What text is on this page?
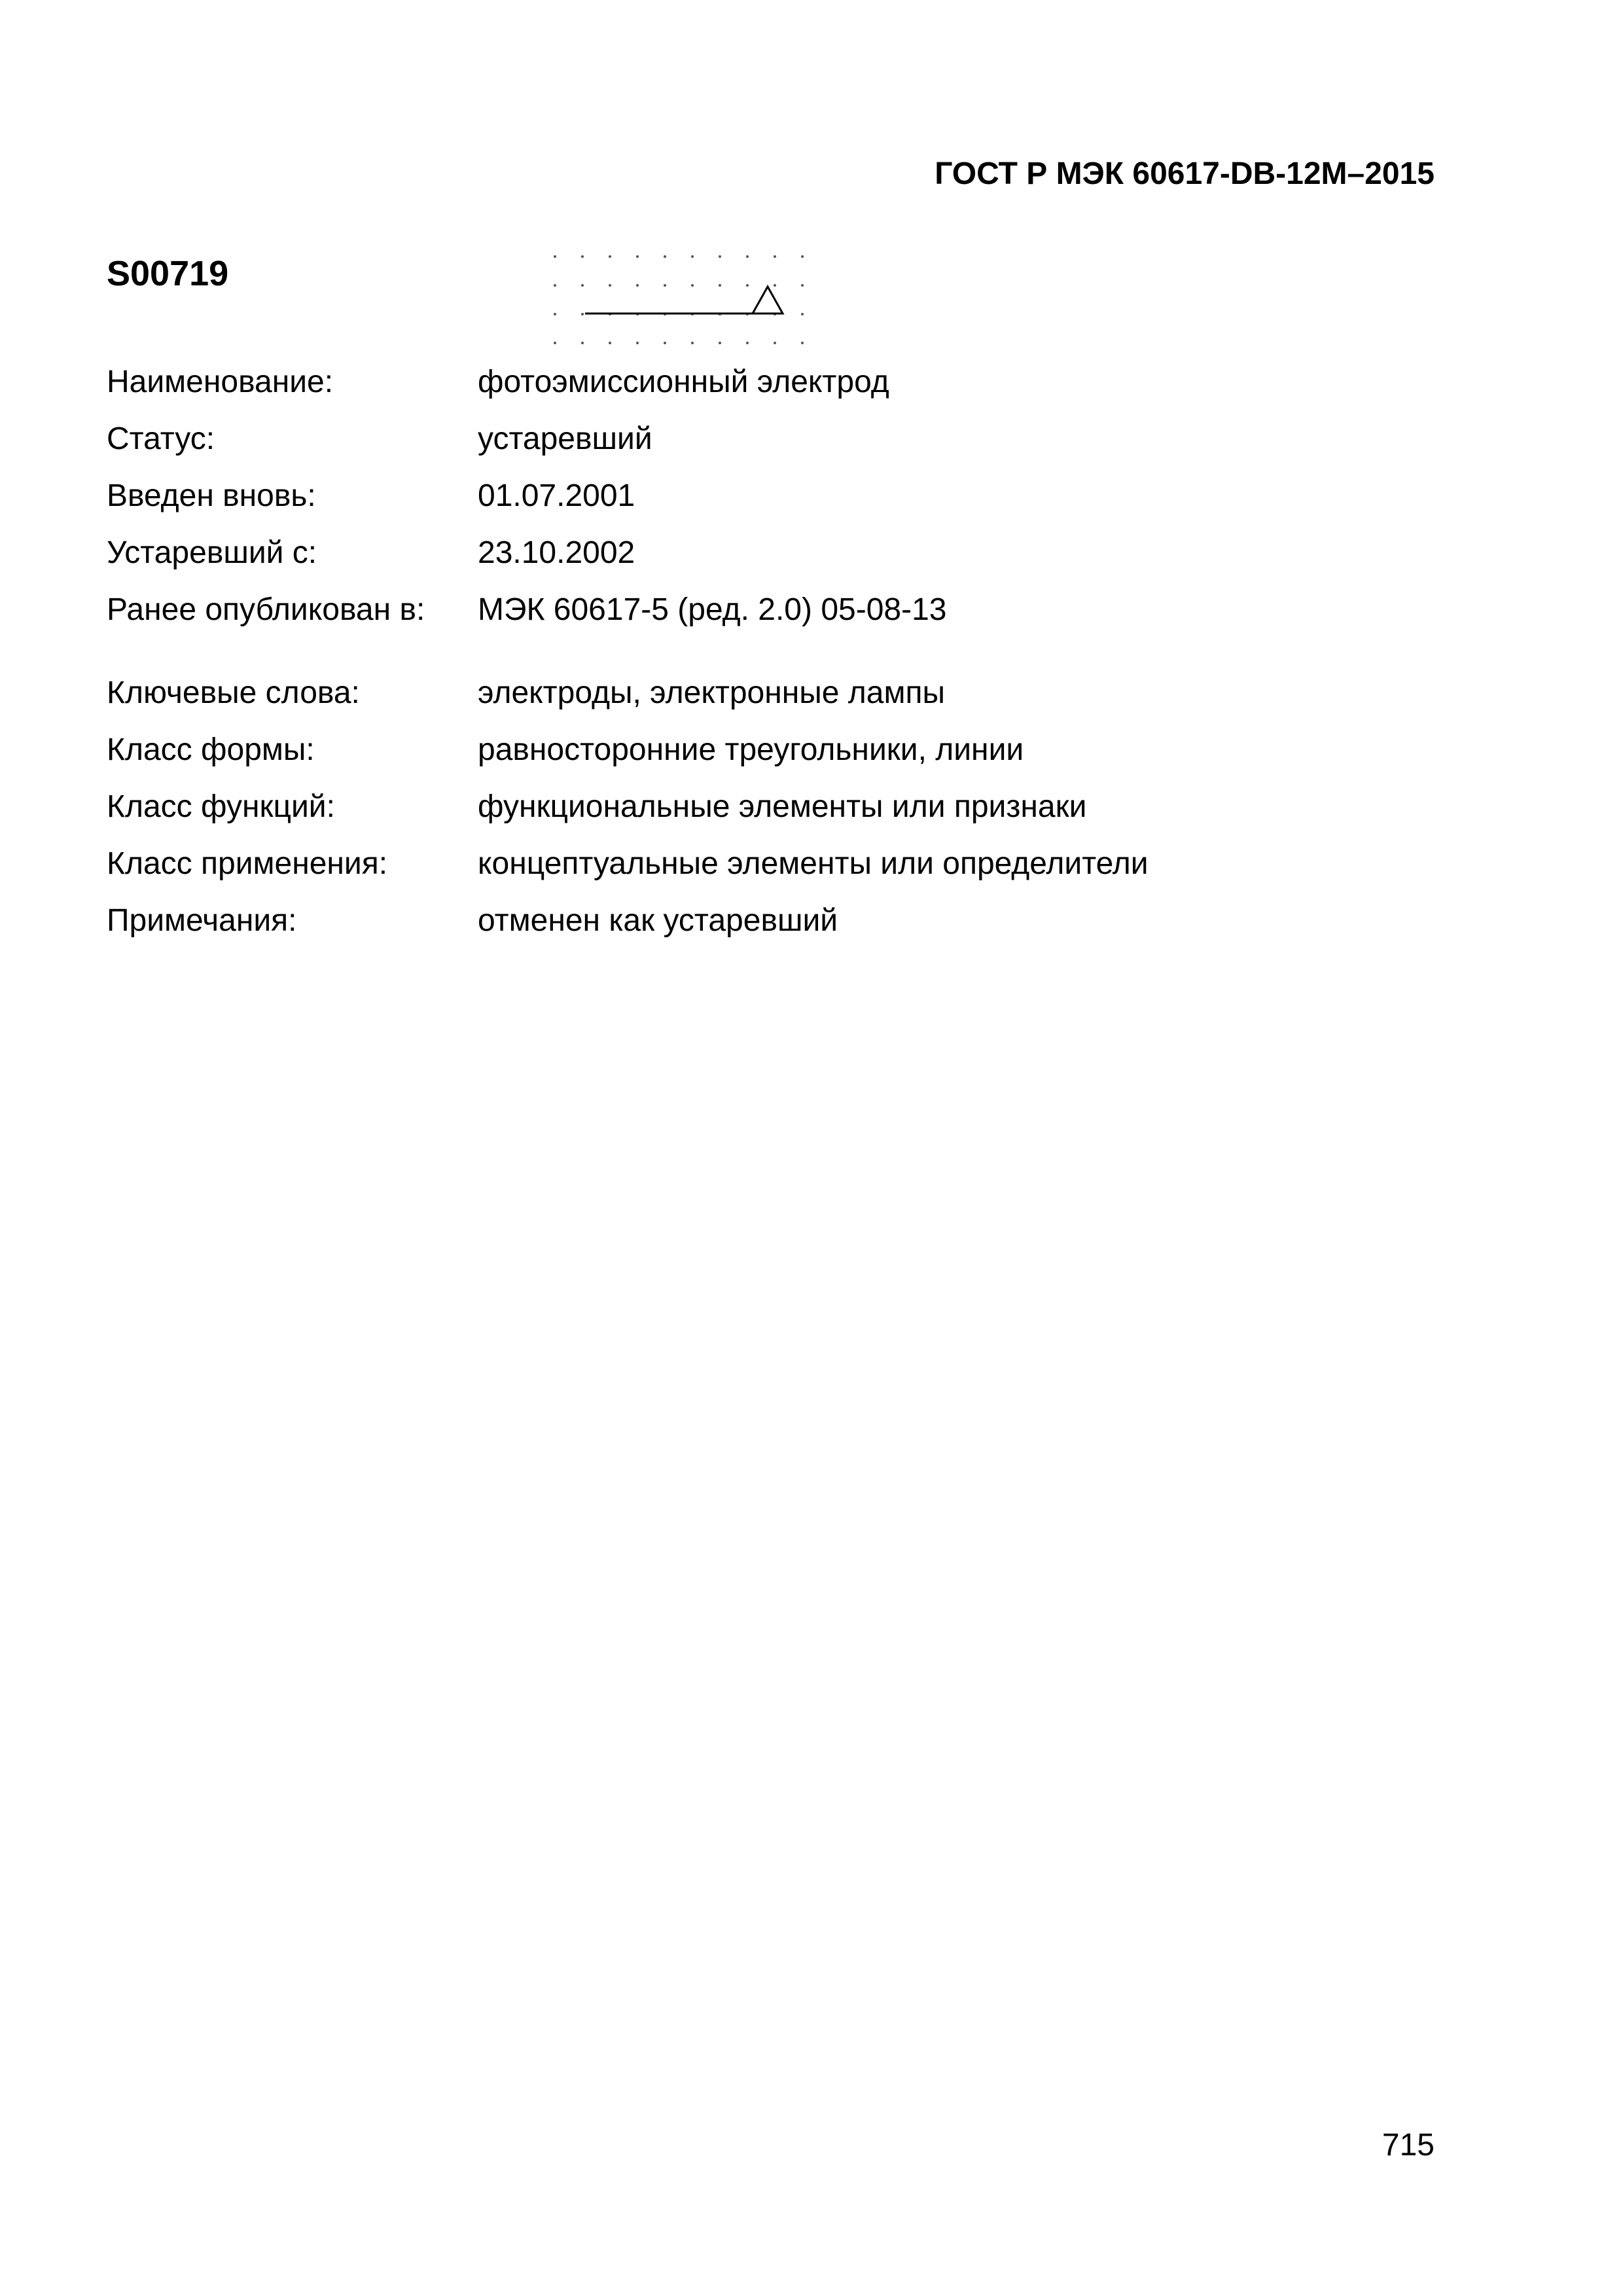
ГОСТ Р МЭК 60617-DB-12M–2015
S00719
Наименование:	фотоэмиссионный электрод
Статус:	устаревший
Введен вновь:	01.07.2001
Устаревший с:	23.10.2002
Ранее опубликован в:	МЭК 60617-5 (ред. 2.0) 05-08-13
Ключевые слова:	электроды, электронные лампы
Класс формы:	равносторонние треугольники, линии
Класс функций:	функциональные элементы или признаки
Класс применения:	концептуальные элементы или определители
Примечания:	отменен как устаревший
715
